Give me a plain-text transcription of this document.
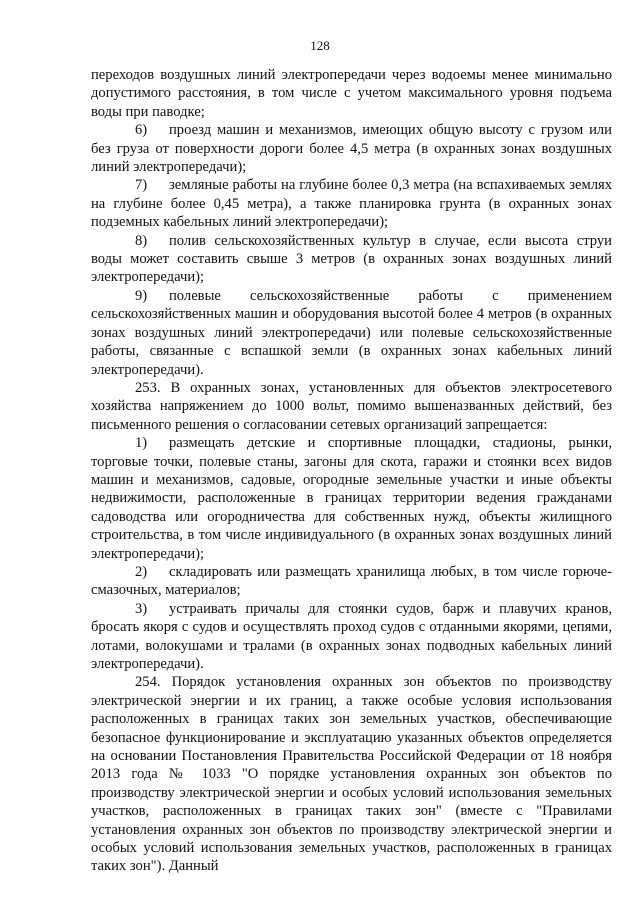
128

переходов воздушных линий электропередачи через водоемы менее минимально допустимого расстояния, в том числе с учетом максимального уровня подъема воды при паводке;

6) проезд машин и механизмов, имеющих общую высоту с грузом или без груза от поверхности дороги более 4,5 метра (в охранных зонах воздушных линий электропередачи);

7) земляные работы на глубине более 0,3 метра (на вспахиваемых землях на глубине более 0,45 метра), а также планировка грунта (в охранных зонах подземных кабельных линий электропередачи);

8) полив сельскохозяйственных культур в случае, если высота струи воды может составить свыше 3 метров (в охранных зонах воздушных линий электропередачи);

9) полевые сельскохозяйственные работы с применением сельскохозяйственных машин и оборудования высотой более 4 метров (в охранных зонах воздушных линий электропередачи) или полевые сельскохозяйственные работы, связанные с вспашкой земли (в охранных зонах кабельных линий электропередачи).

253. В охранных зонах, установленных для объектов электросетевого хозяйства напряжением до 1000 вольт, помимо вышеназванных действий, без письменного решения о согласовании сетевых организаций запрещается:

1) размещать детские и спортивные площадки, стадионы, рынки, торговые точки, полевые станы, загоны для скота, гаражи и стоянки всех видов машин и механизмов, садовые, огородные земельные участки и иные объекты недвижимости, расположенные в границах территории ведения гражданами садоводства или огородничества для собственных нужд, объекты жилищного строительства, в том числе индивидуального (в охранных зонах воздушных линий электропередачи);

2) складировать или размещать хранилища любых, в том числе горюче-смазочных, материалов;

3) устраивать причалы для стоянки судов, барж и плавучих кранов, бросать якоря с судов и осуществлять проход судов с отданными якорями, цепями, лотами, волокушами и тралами (в охранных зонах подводных кабельных линий электропередачи).

254. Порядок установления охранных зон объектов по производству электрической энергии и их границ, а также особые условия использования расположенных в границах таких зон земельных участков, обеспечивающие безопасное функционирование и эксплуатацию указанных объектов определяется на основании Постановления Правительства Российской Федерации от 18 ноября 2013 года № 1033 "О порядке установления охранных зон объектов по производству электрической энергии и особых условий использования земельных участков, расположенных в границах таких зон" (вместе с "Правилами установления охранных зон объектов по производству электрической энергии и особых условий использования земельных участков, расположенных в границах таких зон"). Данный
